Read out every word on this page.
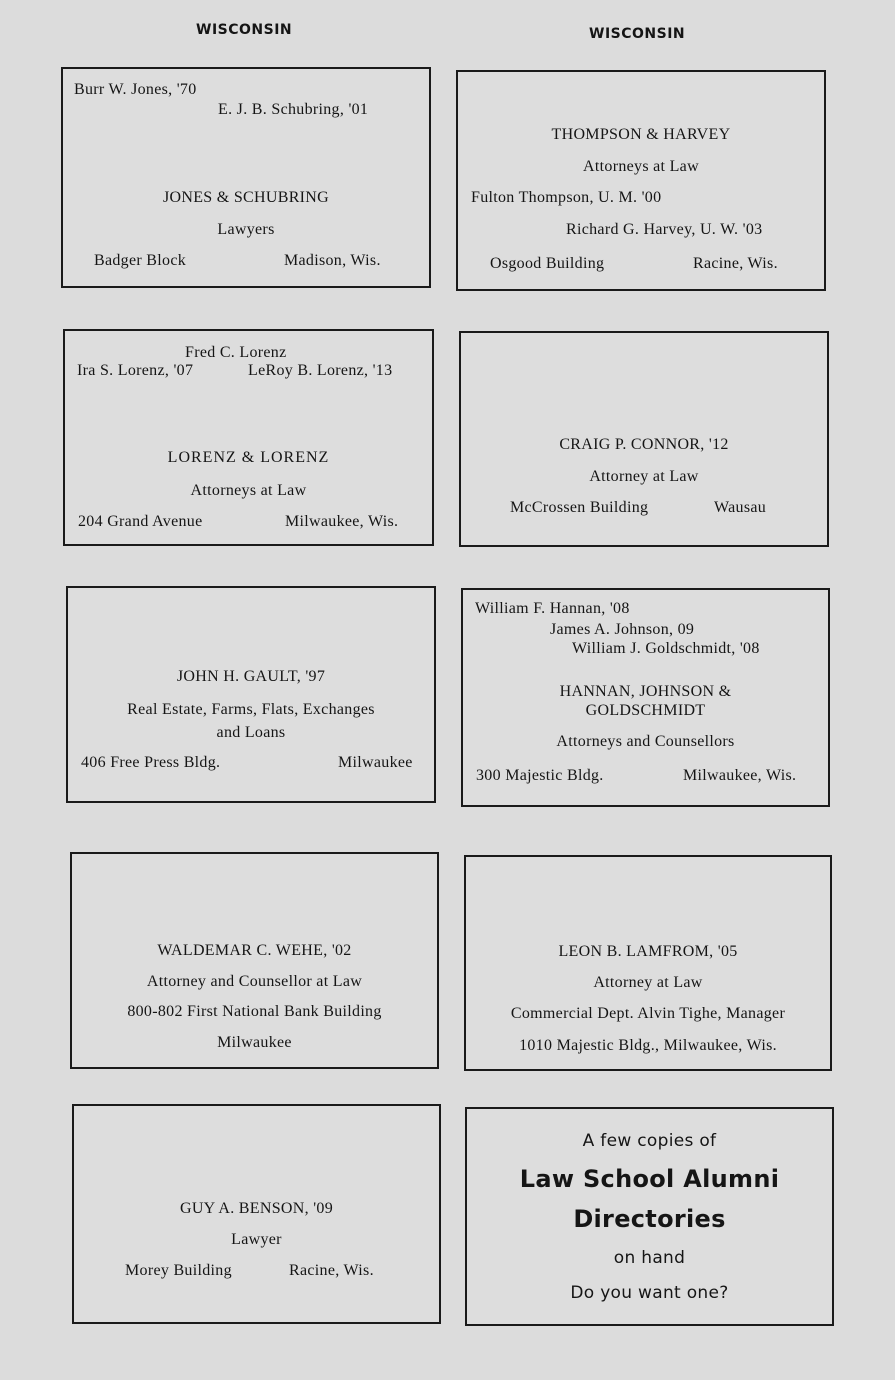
WISCONSIN	WISCONSIN
Burr W. Jones, '70
E. J. B. Schubring, '01
JONES & SCHUBRING
Lawyers
Badger Block	Madison, Wis.
THOMPSON & HARVEY
Attorneys at Law
Fulton Thompson, U. M. '00
Richard G. Harvey, U. W. '03
Osgood Building	Racine, Wis.
Fred C. Lorenz
Ira S. Lorenz, '07	LeRoy B. Lorenz, '13
LORENZ & LORENZ
Attorneys at Law
204 Grand Avenue	Milwaukee, Wis.
CRAIG P. CONNOR, '12
Attorney at Law
McCrossen Building	Wausau
JOHN H. GAULT, '97
Real Estate, Farms, Flats, Exchanges
and Loans
406 Free Press Bldg.	Milwaukee
William F. Hannan, '08
James A. Johnson, 09
William J. Goldschmidt, '08
HANNAN, JOHNSON &
GOLDSCHMIDT
Attorneys and Counsellors
300 Majestic Bldg.	Milwaukee, Wis.
WALDEMAR C. WEHE, '02
Attorney and Counsellor at Law
800-802 First National Bank Building
Milwaukee
LEON B. LAMFROM, '05
Attorney at Law
Commercial Dept. Alvin Tighe, Manager
1010 Majestic Bldg., Milwaukee, Wis.
GUY A. BENSON, '09
Lawyer
Morey Building	Racine, Wis.
A few copies of
Law School Alumni
Directories
on hand
Do you want one?
